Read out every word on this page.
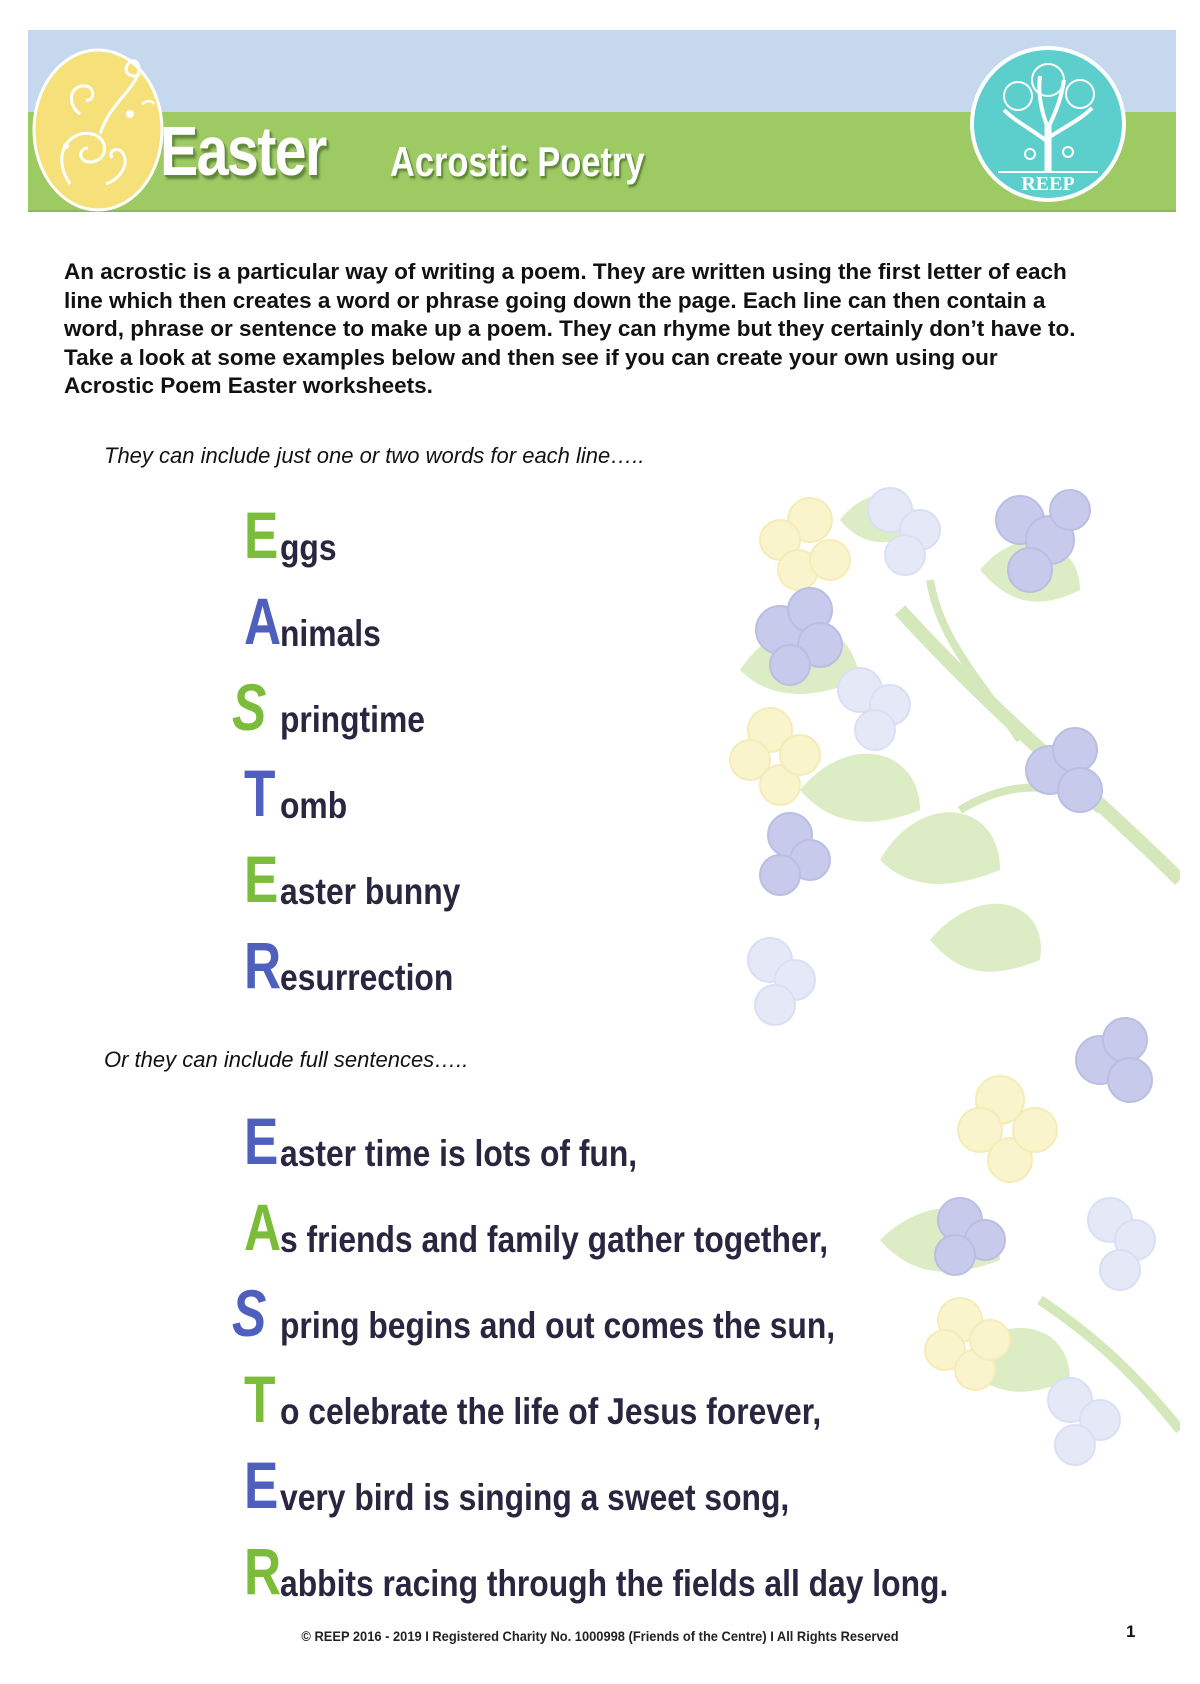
Easter Acrostic Poetry	REEP

An acrostic is a particular way of writing a poem. They are written using the first letter of each

line which then creates a word or phrase going down the page. Each line can then contain a

word, phrase or sentence to make up a poem. They can rhyme but they certainly don’t have to.

Take a look at some examples below and then see if you can create your own using our

Acrostic Poem Easter worksheets.

They can include just one or two words for each line…..
E ggs
A
nimals
S pringtime
T omb
E aster bunny
R
esurrection
Or they can include full sentences…..
E aster time is lots of fun,
A
s friends and family gather together,
S pring begins and out comes the sun,
T o celebrate the life of Jesus forever,
E very bird is singing a sweet song,
R
abbits racing through the fields all day long.
© REEP 2016 - 2019 I Registered Charity No. 1000998 (Friends of the Centre) I All Rights Reserved	1
